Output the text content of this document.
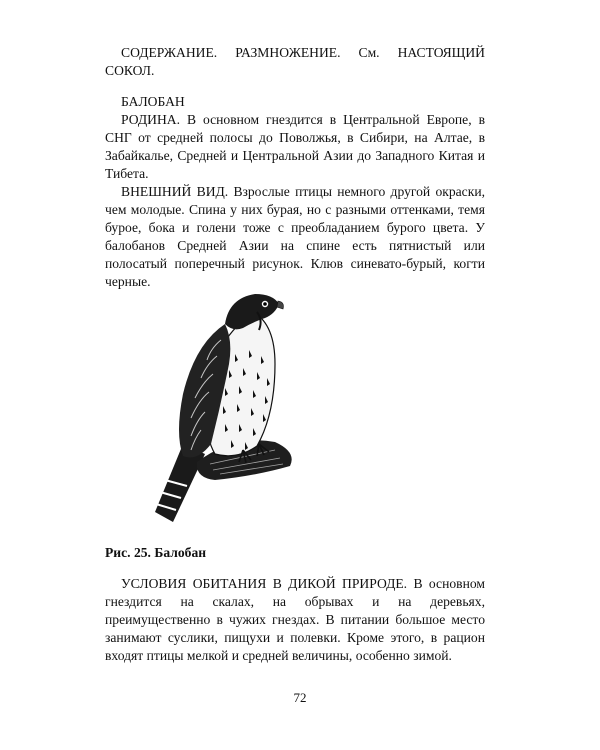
СОДЕРЖАНИЕ. РАЗМНОЖЕНИЕ. См. НАСТОЯЩИЙ СОКОЛ.

БАЛОБАН

РОДИНА. В основном гнездится в Центральной Европе, в СНГ от средней полосы до Поволжья, в Сибири, на Алтае, в Забайкалье, Средней и Центральной Азии до Западного Китая и Тибета.

ВНЕШНИЙ ВИД. Взрослые птицы немного другой окраски, чем молодые. Спина у них бурая, но с разными оттенками, темя бурое, бока и голени тоже с преобладанием бурого цвета. У балобанов Средней Азии на спине есть пятнистый или полосатый поперечный рисунок. Клюв синевато-бурый, когти черные.

Рис. 25. Балобан

УСЛОВИЯ ОБИТАНИЯ В ДИКОЙ ПРИРОДЕ. В основном гнездится на скалах, на обрывах и на деревьях, преимущественно в чужих гнездах. В питании большое место занимают суслики, пищухи и полевки. Кроме этого, в рацион входят птицы мелкой и средней величины, особенно зимой.

72
